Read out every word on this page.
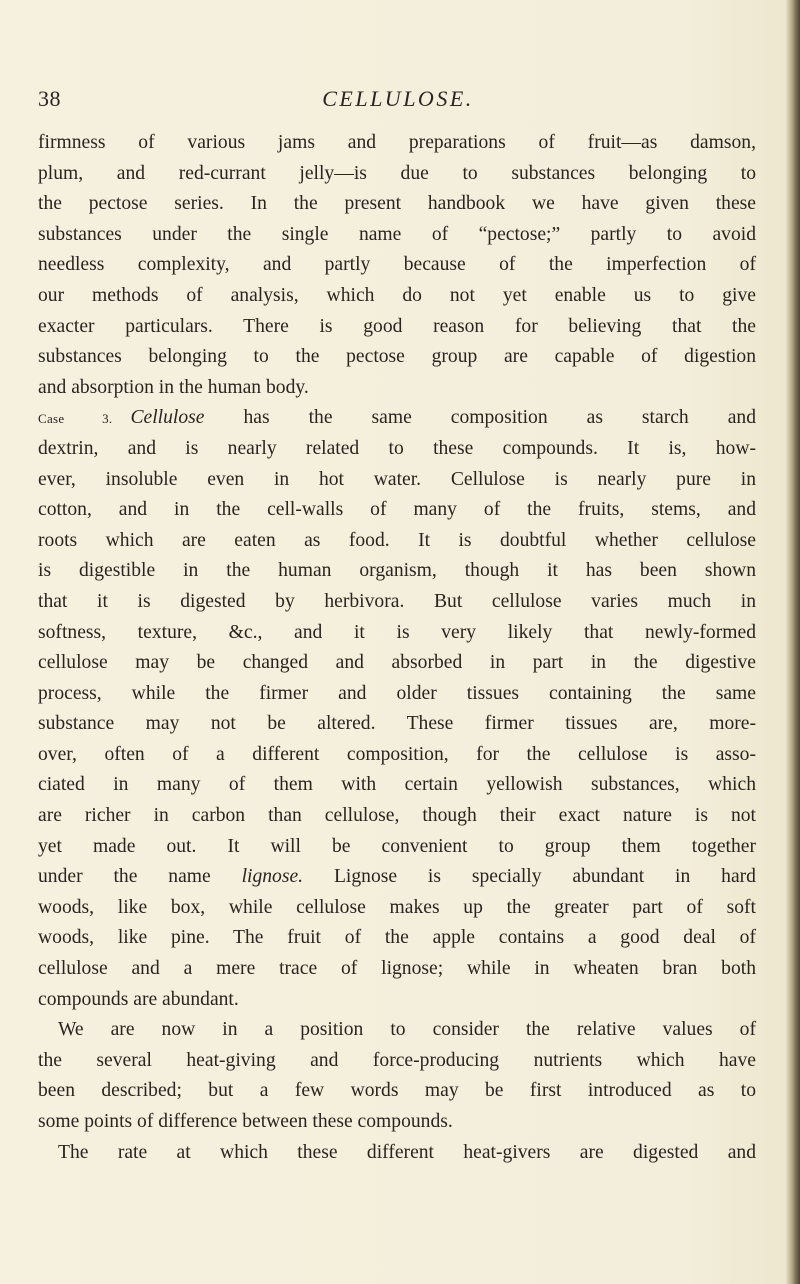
38	CELLULOSE.
firmness of various jams and preparations of fruit—as damson,
plum, and red-currant jelly—is due to substances belonging to
the pectose series. In the present handbook we have given these
substances under the single name of “pectose;” partly to avoid
needless complexity, and partly because of the imperfection of
our methods of analysis, which do not yet enable us to give
exacter particulars. There is good reason for believing that the
substances belonging to the pectose group are capable of digestion
and absorption in the human body.
Case 3. Cellulose has the same composition as starch and
dextrin, and is nearly related to these compounds. It is, how-
ever, insoluble even in hot water. Cellulose is nearly pure in
cotton, and in the cell-walls of many of the fruits, stems, and
roots which are eaten as food. It is doubtful whether cellulose
is digestible in the human organism, though it has been shown
that it is digested by herbivora. But cellulose varies much in
softness, texture, &c., and it is very likely that newly-formed
cellulose may be changed and absorbed in part in the digestive
process, while the firmer and older tissues containing the same
substance may not be altered. These firmer tissues are, more-
over, often of a different composition, for the cellulose is asso-
ciated in many of them with certain yellowish substances, which
are richer in carbon than cellulose, though their exact nature is not
yet made out. It will be convenient to group them together
under the name lignose. Lignose is specially abundant in hard
woods, like box, while cellulose makes up the greater part of soft
woods, like pine. The fruit of the apple contains a good deal of
cellulose and a mere trace of lignose; while in wheaten bran both
compounds are abundant.
We are now in a position to consider the relative values of
the several heat-giving and force-producing nutrients which have
been described; but a few words may be first introduced as to
some points of difference between these compounds.
The rate at which these different heat-givers are digested and
